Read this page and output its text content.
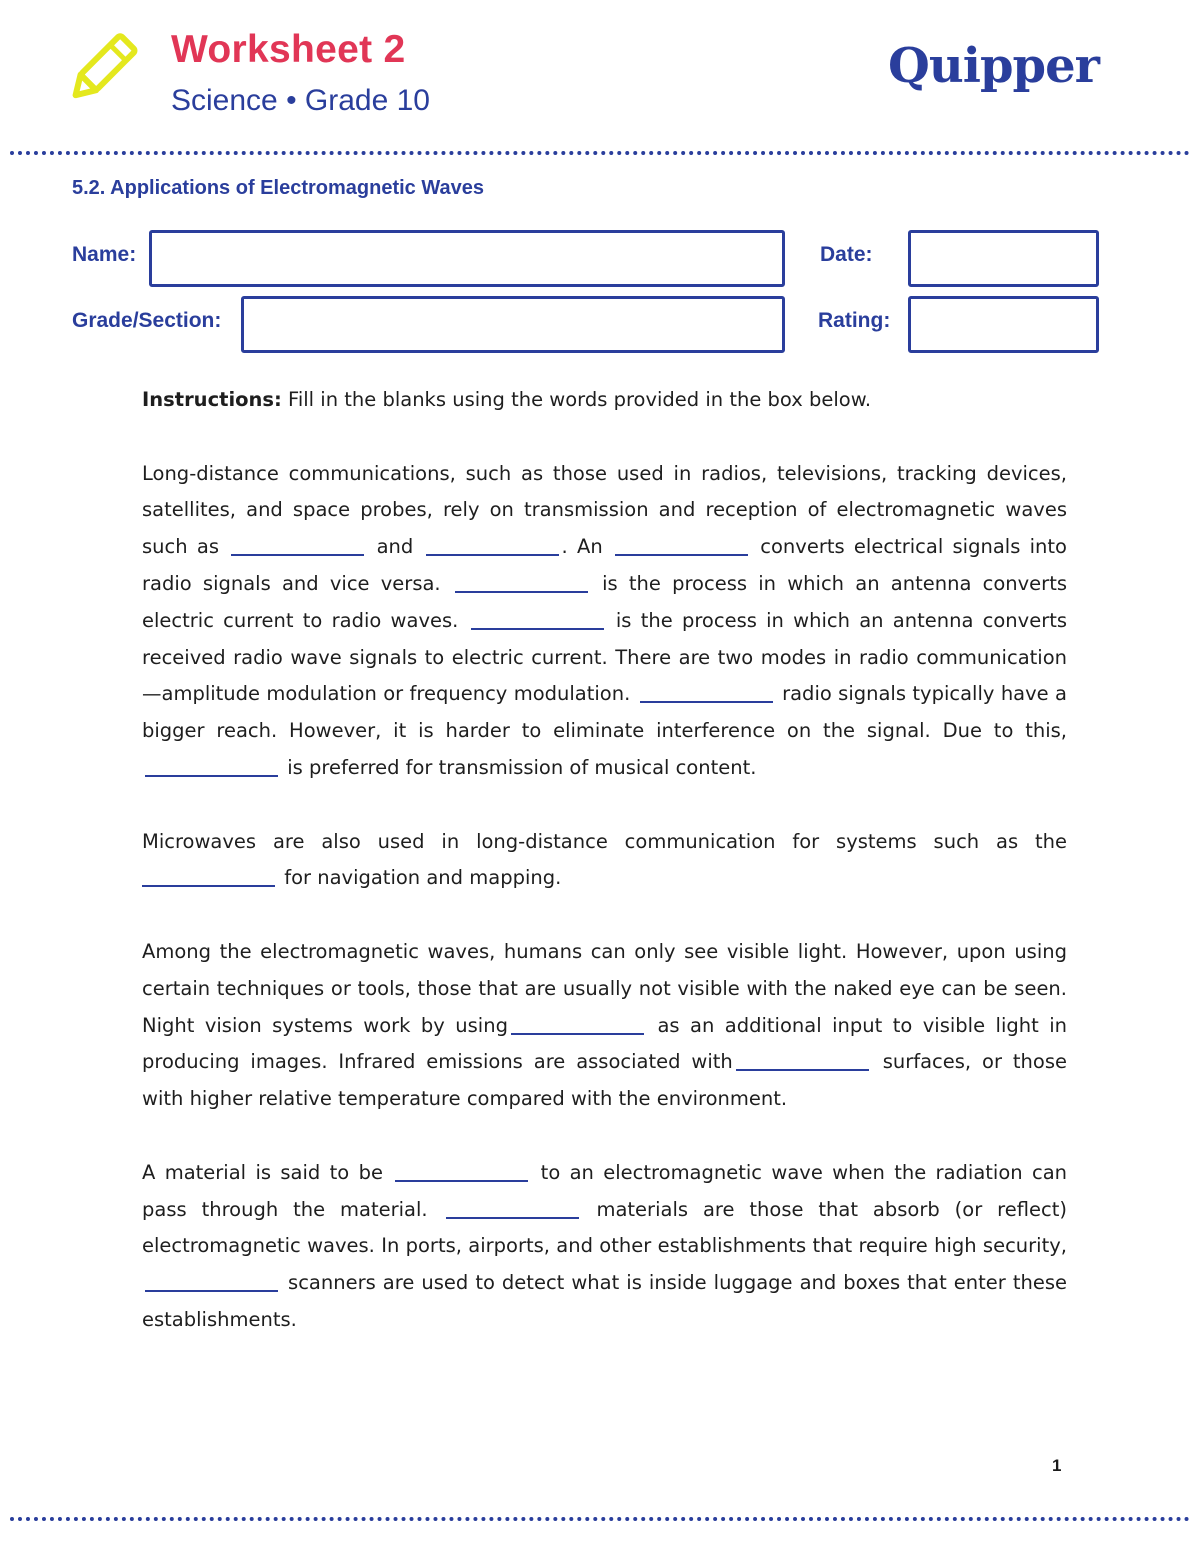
Worksheet 2
Science • Grade 10
Quipper
5.2. Applications of Electromagnetic Waves
Name:	Date:
Grade/Section:	Rating:

Instructions: Fill in the blanks using the words provided in the box below.

Long-distance communications, such as those used in radios, televisions, tracking devices, satellites, and space probes, rely on transmission and reception of electromagnetic waves such as	and	. An	converts electrical signals into radio signals and vice versa.	is the process in which an antenna converts electric current to radio waves.	is the process in which an antenna converts received radio wave signals to electric current. There are two modes in radio communication—amplitude modulation or frequency modulation.	radio signals typically have a bigger reach. However, it is harder to eliminate interference on the signal. Due to this, is preferred for transmission of musical content.

Microwaves are also used in long-distance communication for systems such as the  for navigation and mapping.

Among the electromagnetic waves, humans can only see visible light. However, upon using certain techniques or tools, those that are usually not visible with the naked eye can be seen. Night vision systems work by using	as an additional input to visible light in producing images. Infrared emissions are associated with	surfaces, or those with higher relative temperature compared with the environment.

A material is said to be	to an electromagnetic wave when the radiation can pass through the material.	materials are those that absorb (or reflect) electromagnetic waves. In ports, airports, and other establishments that require high security,  scanners are used to detect what is inside luggage and boxes that enter these establishments.

1
